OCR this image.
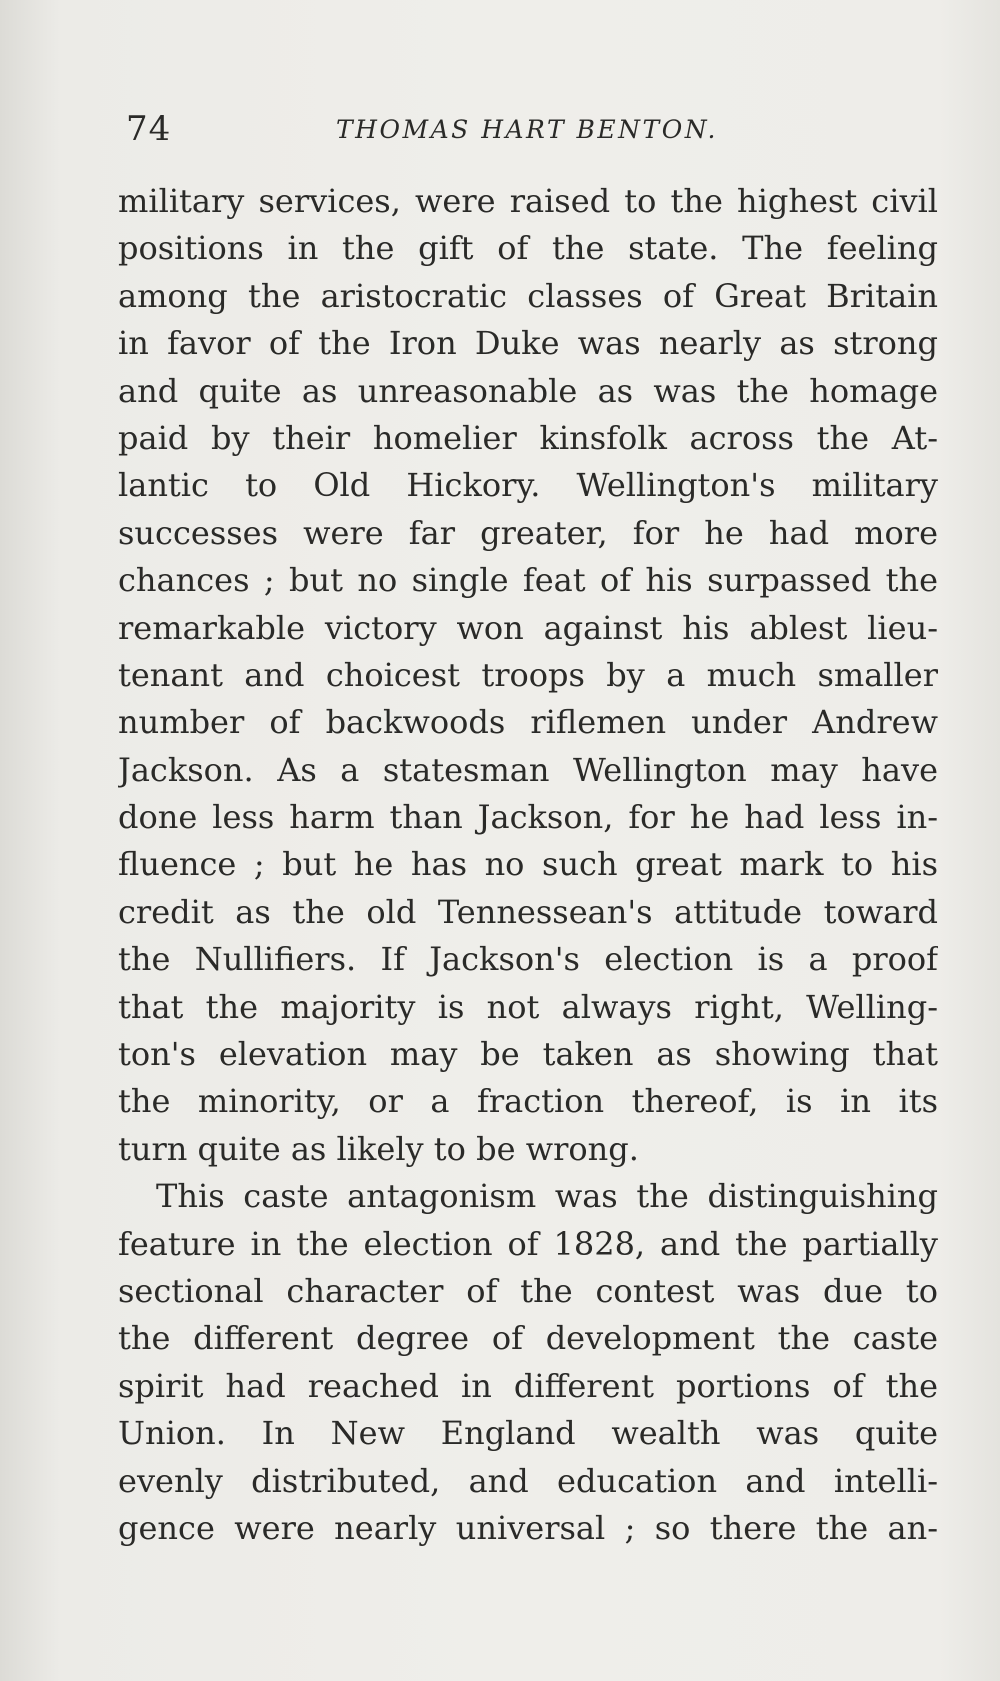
74	THOMAS HART BENTON.
military services, were raised to the highest civil
positions in the gift of the state. The feeling
among the aristocratic classes of Great Britain
in favor of the Iron Duke was nearly as strong
and quite as unreasonable as was the homage
paid by their homelier kinsfolk across the At-
lantic to Old Hickory. Wellington's military
successes were far greater, for he had more
chances ; but no single feat of his surpassed the
remarkable victory won against his ablest lieu-
tenant and choicest troops by a much smaller
number of backwoods riflemen under Andrew
Jackson. As a statesman Wellington may have
done less harm than Jackson, for he had less in-
fluence ; but he has no such great mark to his
credit as the old Tennessean's attitude toward
the Nullifiers. If Jackson's election is a proof
that the majority is not always right, Welling-
ton's elevation may be taken as showing that
the minority, or a fraction thereof, is in its
turn quite as likely to be wrong.
This caste antagonism was the distinguishing
feature in the election of 1828, and the partially
sectional character of the contest was due to
the different degree of development the caste
spirit had reached in different portions of the
Union. In New England wealth was quite
evenly distributed, and education and intelli-
gence were nearly universal ; so there the an-
